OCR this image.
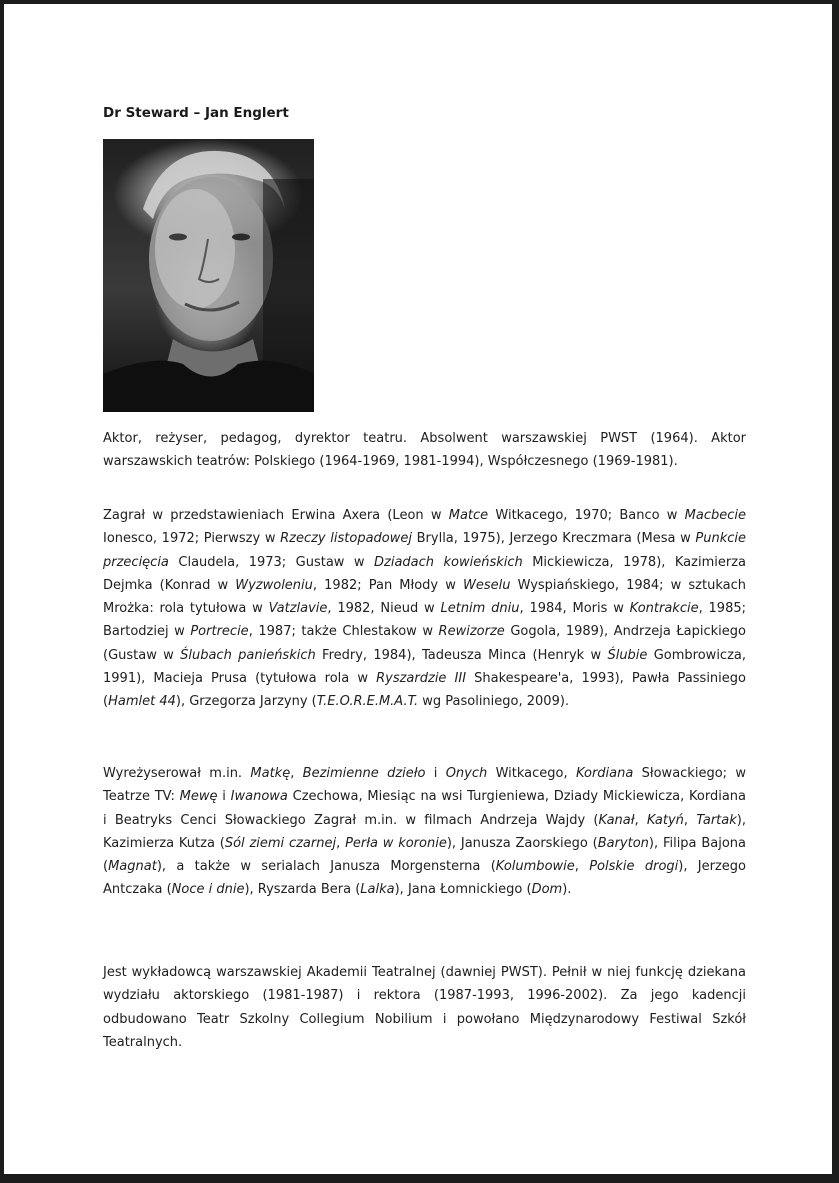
Dr Steward – Jan Englert

Aktor, reżyser, pedagog, dyrektor teatru. Absolwent warszawskiej PWST (1964). Aktor warszawskich teatrów: Polskiego (1964-1969, 1981-1994), Współczesnego (1969-1981).

Zagrał w przedstawieniach Erwina Axera (Leon w Matce Witkacego, 1970; Banco w Macbecie Ionesco, 1972; Pierwszy w Rzeczy listopadowej Brylla, 1975), Jerzego Kreczmara (Mesa w Punkcie przecięcia Claudela, 1973; Gustaw w Dziadach kowieńskich Mickiewicza, 1978), Kazimierza Dejmka (Konrad w Wyzwoleniu, 1982; Pan Młody w Weselu Wyspiańskiego, 1984; w sztukach Mrożka: rola tytułowa w Vatzlavie, 1982, Nieud w Letnim dniu, 1984, Moris w Kontrakcie, 1985; Bartodziej w Portrecie, 1987; także Chlestakow w Rewizorze Gogola, 1989), Andrzeja Łapickiego (Gustaw w Ślubach panieńskich Fredry, 1984), Tadeusza Minca (Henryk w Ślubie Gombrowicza, 1991), Macieja Prusa (tytułowa rola w Ryszardzie III Shakespeare'a, 1993), Pawła Passiniego (Hamlet 44), Grzegorza Jarzyny (T.E.O.R.E.M.A.T. wg Pasoliniego, 2009).

Wyreżyserował m.in. Matkę, Bezimienne dzieło i Onych Witkacego, Kordiana Słowackiego; w Teatrze TV: Mewę i Iwanowa Czechowa, Miesiąc na wsi Turgieniewa, Dziady Mickiewicza, Kordiana i Beatryks Cenci Słowackiego Zagrał m.in. w filmach Andrzeja Wajdy (Kanał, Katyń, Tartak), Kazimierza Kutza (Sól ziemi czarnej, Perła w koronie), Janusza Zaorskiego (Baryton), Filipa Bajona (Magnat), a także w serialach Janusza Morgensterna (Kolumbowie, Polskie drogi), Jerzego Antczaka (Noce i dnie), Ryszarda Bera (Lalka), Jana Łomnickiego (Dom).

Jest wykładowcą warszawskiej Akademii Teatralnej (dawniej PWST). Pełnił w niej funkcję dziekana wydziału aktorskiego (1981-1987) i rektora (1987-1993, 1996-2002). Za jego kadencji odbudowano Teatr Szkolny Collegium Nobilium i powołano Międzynarodowy Festiwal Szkół Teatralnych.
